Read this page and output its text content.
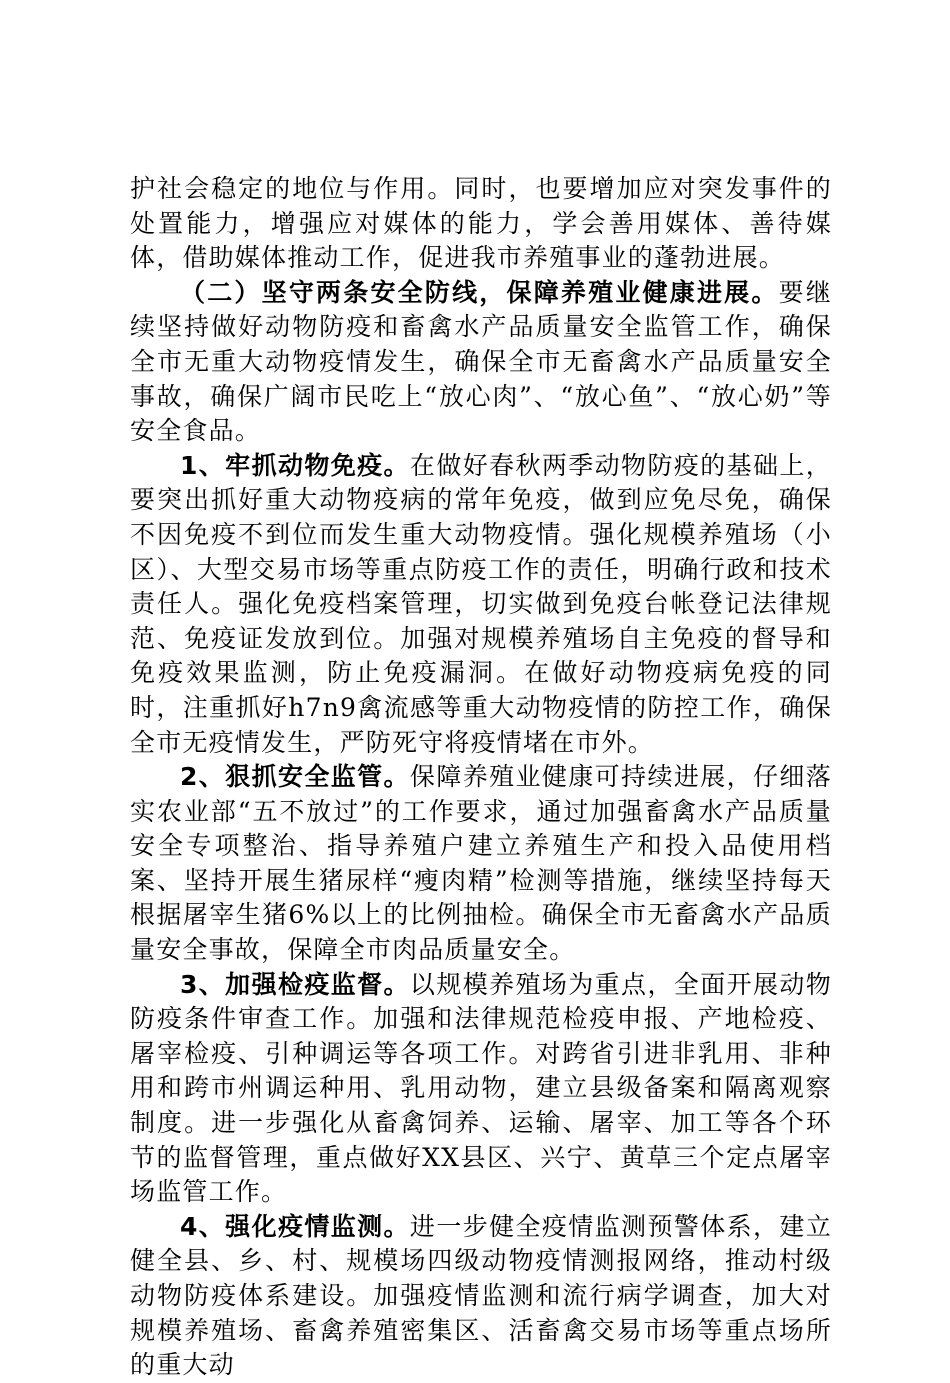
护社会稳定的地位与作用。同时，也要增加应对突发事件的处置能力，增强应对媒体的能力，学会善用媒体、善待媒体，借助媒体推动工作，促进我市养殖事业的蓬勃进展。

（二）坚守两条安全防线，保障养殖业健康进展。要继续坚持做好动物防疫和畜禽水产品质量安全监管工作，确保全市无重大动物疫情发生，确保全市无畜禽水产品质量安全事故，确保广阔市民吃上“放心肉”、“放心鱼”、“放心奶”等安全食品。

1、牢抓动物免疫。在做好春秋两季动物防疫的基础上，要突出抓好重大动物疫病的常年免疫，做到应免尽免，确保不因免疫不到位而发生重大动物疫情。强化规模养殖场（小区）、大型交易市场等重点防疫工作的责任，明确行政和技术责任人。强化免疫档案管理，切实做到免疫台帐登记法律规范、免疫证发放到位。加强对规模养殖场自主免疫的督导和免疫效果监测，防止免疫漏洞。在做好动物疫病免疫的同时，注重抓好h7n9禽流感等重大动物疫情的防控工作，确保全市无疫情发生，严防死守将疫情堵在市外。

2、狠抓安全监管。保障养殖业健康可持续进展，仔细落实农业部“五不放过”的工作要求，通过加强畜禽水产品质量安全专项整治、指导养殖户建立养殖生产和投入品使用档案、坚持开展生猪尿样“瘦肉精”检测等措施，继续坚持每天根据屠宰生猪6%以上的比例抽检。确保全市无畜禽水产品质量安全事故，保障全市肉品质量安全。

3、加强检疫监督。以规模养殖场为重点，全面开展动物防疫条件审查工作。加强和法律规范检疫申报、产地检疫、屠宰检疫、引种调运等各项工作。对跨省引进非乳用、非种用和跨市州调运种用、乳用动物，建立县级备案和隔离观察制度。进一步强化从畜禽饲养、运输、屠宰、加工等各个环节的监督管理，重点做好XX县区、兴宁、黄草三个定点屠宰场监管工作。

4、强化疫情监测。进一步健全疫情监测预警体系，建立健全县、乡、村、规模场四级动物疫情测报网络，推动村级动物防疫体系建设。加强疫情监测和流行病学调查，加大对规模养殖场、畜禽养殖密集区、活畜禽交易市场等重点场所的重大动
